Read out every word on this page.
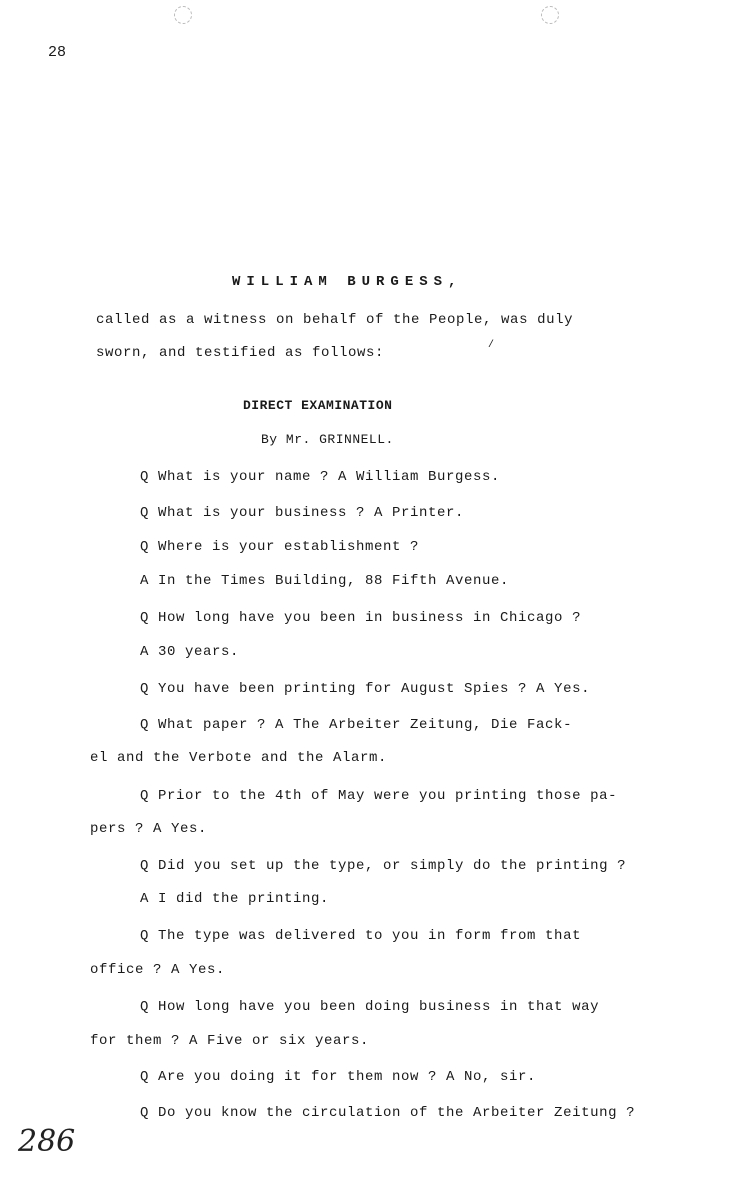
28
WILLIAM BURGESS,
called as a witness on behalf of the People, was duly
sworn, and testified as follows:	/
DIRECT EXAMINATION
By Mr. GRINNELL.
Q What is your name ? A William Burgess.
Q What is your business ? A Printer.
Q Where is your establishment ?
A In the Times Building, 88 Fifth Avenue.
Q How long have you been in business in Chicago ?
A 30 years.
Q You have been printing for August Spies ? A Yes.
Q What paper ? A The Arbeiter Zeitung, Die Fack-
el and the Verbote and the Alarm.
Q Prior to the 4th of May were you printing those pa-
pers ? A Yes.
Q Did you set up the type, or simply do the printing ?
A I did the printing.
Q The type was delivered to you in form from that
office ? A Yes.
Q How long have you been doing business in that way
for them ? A Five or six years.
Q Are you doing it for them now ? A No, sir.
Q Do you know the circulation of the Arbeiter Zeitung ?
286
